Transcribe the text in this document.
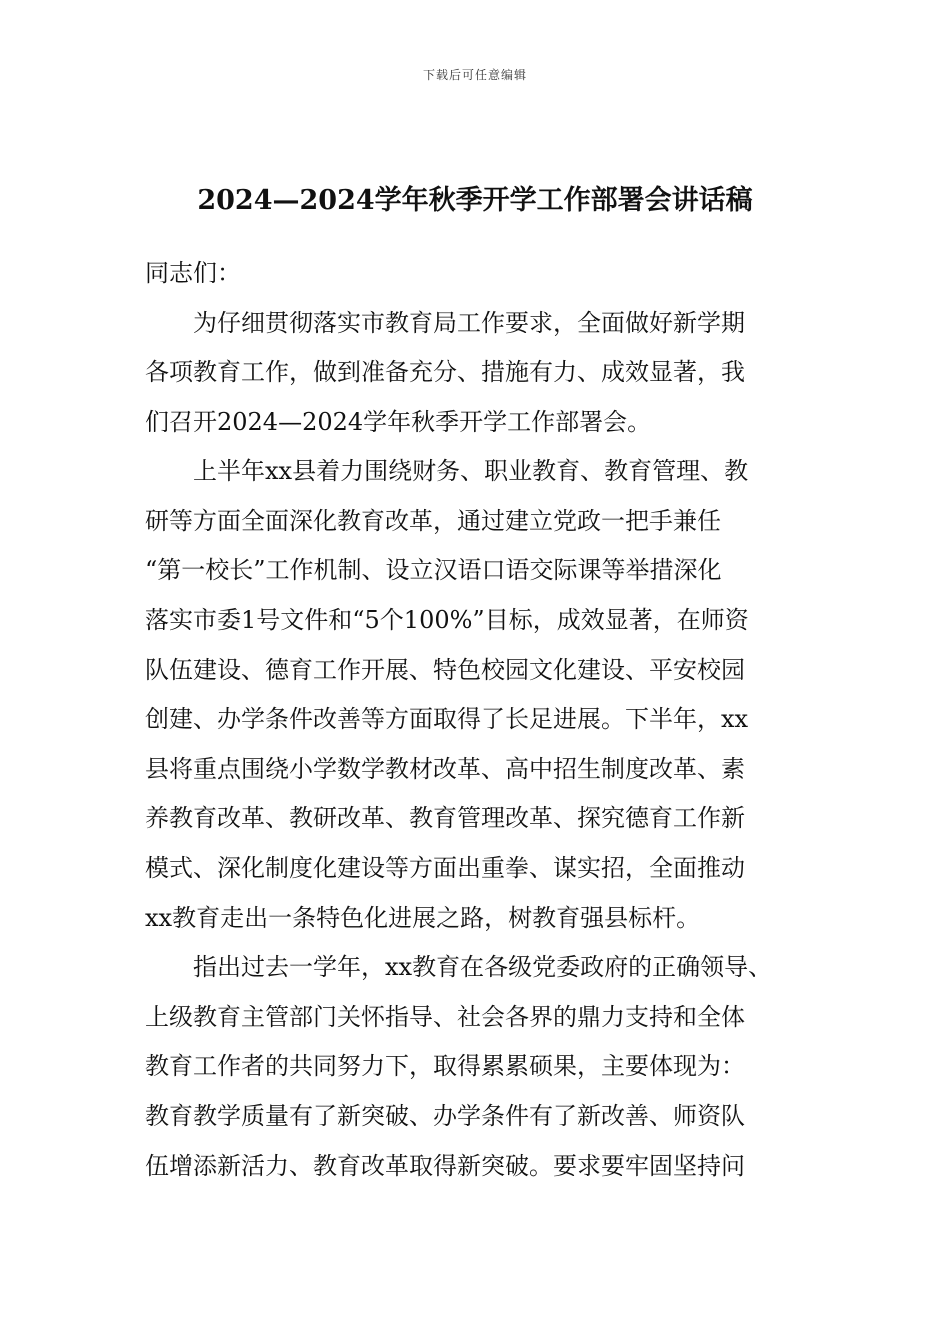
下载后可任意编辑
2024—2024学年秋季开学工作部署会讲话稿

同志们：

为仔细贯彻落实市教育局工作要求，全面做好新学期
各项教育工作，做到准备充分、措施有力、成效显著，我
们召开2024—2024学年秋季开学工作部署会。
上半年xx县着力围绕财务、职业教育、教育管理、教
研等方面全面深化教育改革，通过建立党政一把手兼任
“第一校长”工作机制、设立汉语口语交际课等举措深化
落实市委1号文件和“5个100%”目标，成效显著，在师资
队伍建设、德育工作开展、特色校园文化建设、平安校园
创建、办学条件改善等方面取得了长足进展。下半年，xx
县将重点围绕小学数学教材改革、高中招生制度改革、素
养教育改革、教研改革、教育管理改革、探究德育工作新
模式、深化制度化建设等方面出重拳、谋实招，全面推动
xx教育走出一条特色化进展之路，树教育强县标杆。
指出过去一学年，xx教育在各级党委政府的正确领导、
上级教育主管部门关怀指导、社会各界的鼎力支持和全体
教育工作者的共同努力下，取得累累硕果，主要体现为：
教育教学质量有了新突破、办学条件有了新改善、师资队
伍增添新活力、教育改革取得新突破。要求要牢固坚持问
